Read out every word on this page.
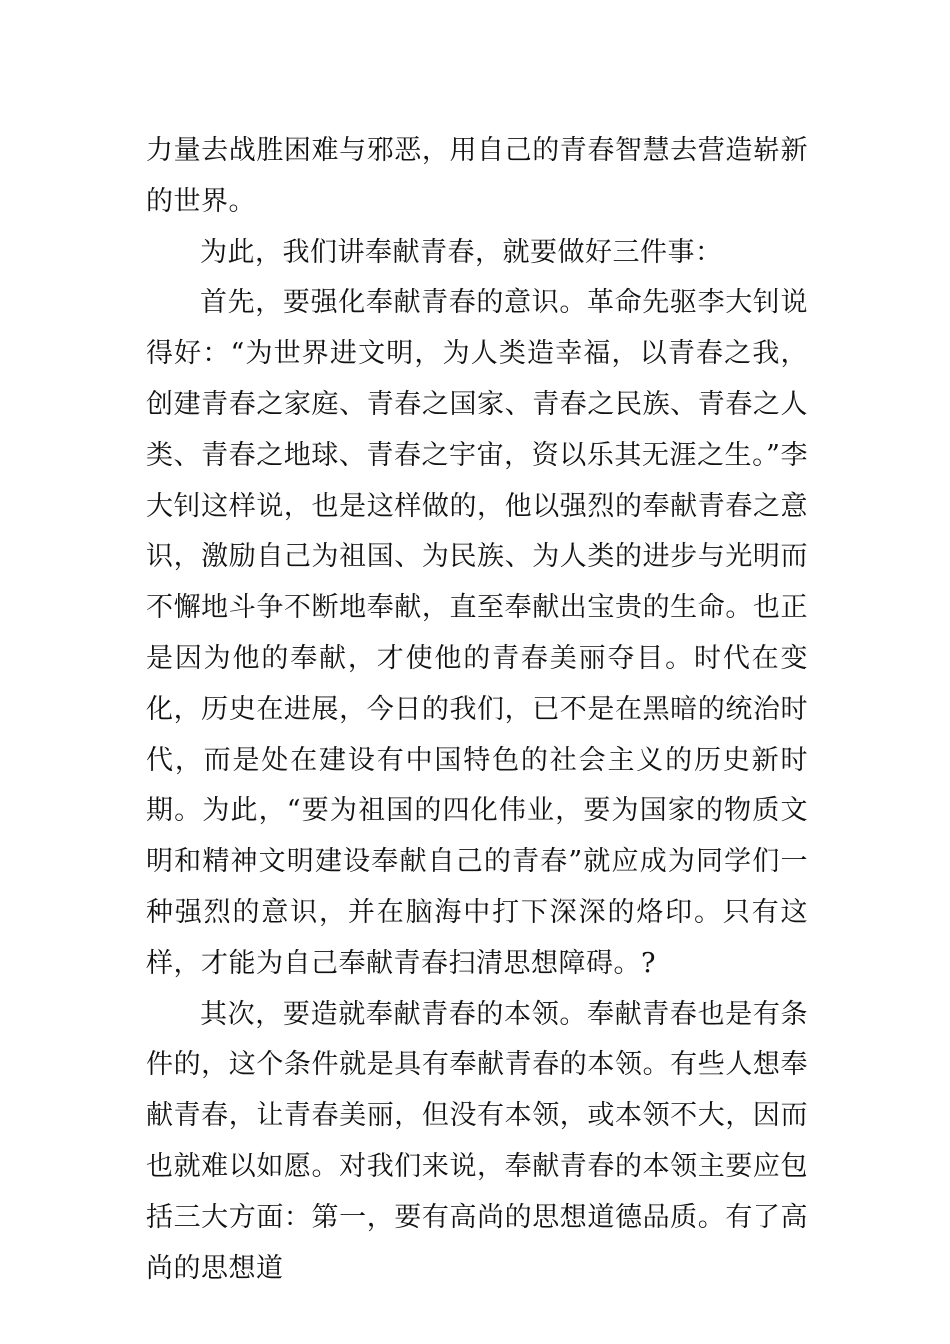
力量去战胜困难与邪恶，用自己的青春智慧去营造崭新的世界。

为此，我们讲奉献青春，就要做好三件事：

首先，要强化奉献青春的意识。革命先驱李大钊说得好：“为世界进文明，为人类造幸福，以青春之我，创建青春之家庭、青春之国家、青春之民族、青春之人类、青春之地球、青春之宇宙，资以乐其无涯之生。”李大钊这样说，也是这样做的，他以强烈的奉献青春之意识，激励自己为祖国、为民族、为人类的进步与光明而不懈地斗争不断地奉献，直至奉献出宝贵的生命。也正是因为他的奉献，才使他的青春美丽夺目。时代在变化，历史在进展，今日的我们，已不是在黑暗的统治时代，而是处在建设有中国特色的社会主义的历史新时期。为此，“要为祖国的四化伟业，要为国家的物质文明和精神文明建设奉献自己的青春”就应成为同学们一种强烈的意识，并在脑海中打下深深的烙印。只有这样，才能为自己奉献青春扫清思想障碍。?

其次，要造就奉献青春的本领。奉献青春也是有条件的，这个条件就是具有奉献青春的本领。有些人想奉献青春，让青春美丽，但没有本领，或本领不大，因而也就难以如愿。对我们来说，奉献青春的本领主要应包括三大方面：第一，要有高尚的思想道德品质。有了高尚的思想道
